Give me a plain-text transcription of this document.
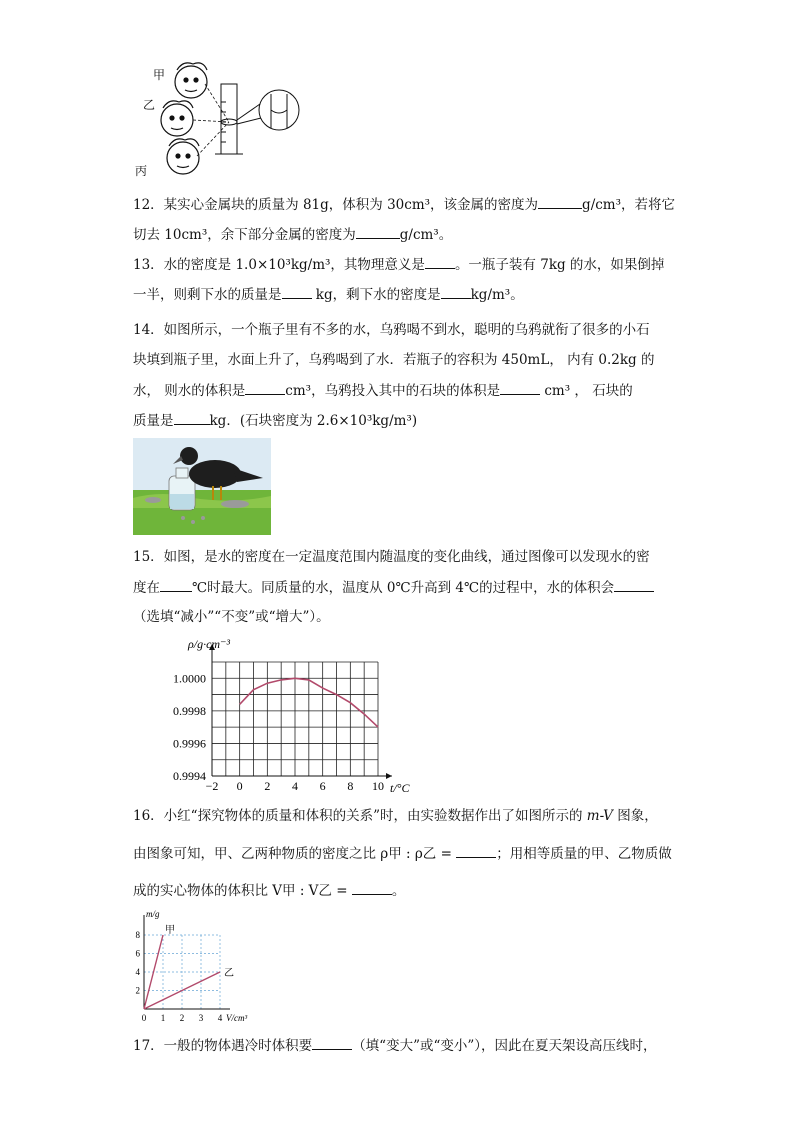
甲
乙
丙
12．某实心金属块的质量为 81g，体积为 30cm³，该金属的密度为	g/cm³，若将它
切去 10cm³，余下部分金属的密度为	g/cm³。
13．水的密度是 1.0×10³kg/m³，其物理意义是 。一瓶子装有 7kg 的水，如果倒掉
一半，则剩下水的质量是 kg，剩下水的密度是 kg/m³。
14．如图所示，一个瓶子里有不多的水，乌鸦喝不到水，聪明的乌鸦就衔了很多的小石
块填到瓶子里，水面上升了，乌鸦喝到了水．若瓶子的容积为 450mL， 内有 0.2kg 的
水， 则水的体积是	cm³，乌鸦投入其中的石块的体积是	cm³ ， 石块的
质量是	kg．(石块密度为 2.6×10³kg/m³)
15．如图，是水的密度在一定温度范围内随温度的变化曲线，通过图像可以发现水的密
度在 ℃时最大。同质量的水，温度从 0℃升高到 4℃的过程中，水的体积会
（选填“减小”“不变”或“增大”）。
−2 0 2 4 6 8 10
0.9994
0.9996
0.9998
1.0000
ρ/g·cm⁻³
t/°C
16．小红“探究物体的质量和体积的关系”时，由实验数据作出了如图所示的 m-V 图象，
由图象可知，甲、乙两种物质的密度之比 ρ甲 : ρ乙 =	；用相等质量的甲、乙物质做
成的实心物体的体积比 V甲 : V乙 =	。
0 1 2 3 4
2
4
6
8
m/g
V/cm³
甲
乙
17．一般的物体遇冷时体积要	（填“变大”或“变小”），因此在夏天架设高压线时，
